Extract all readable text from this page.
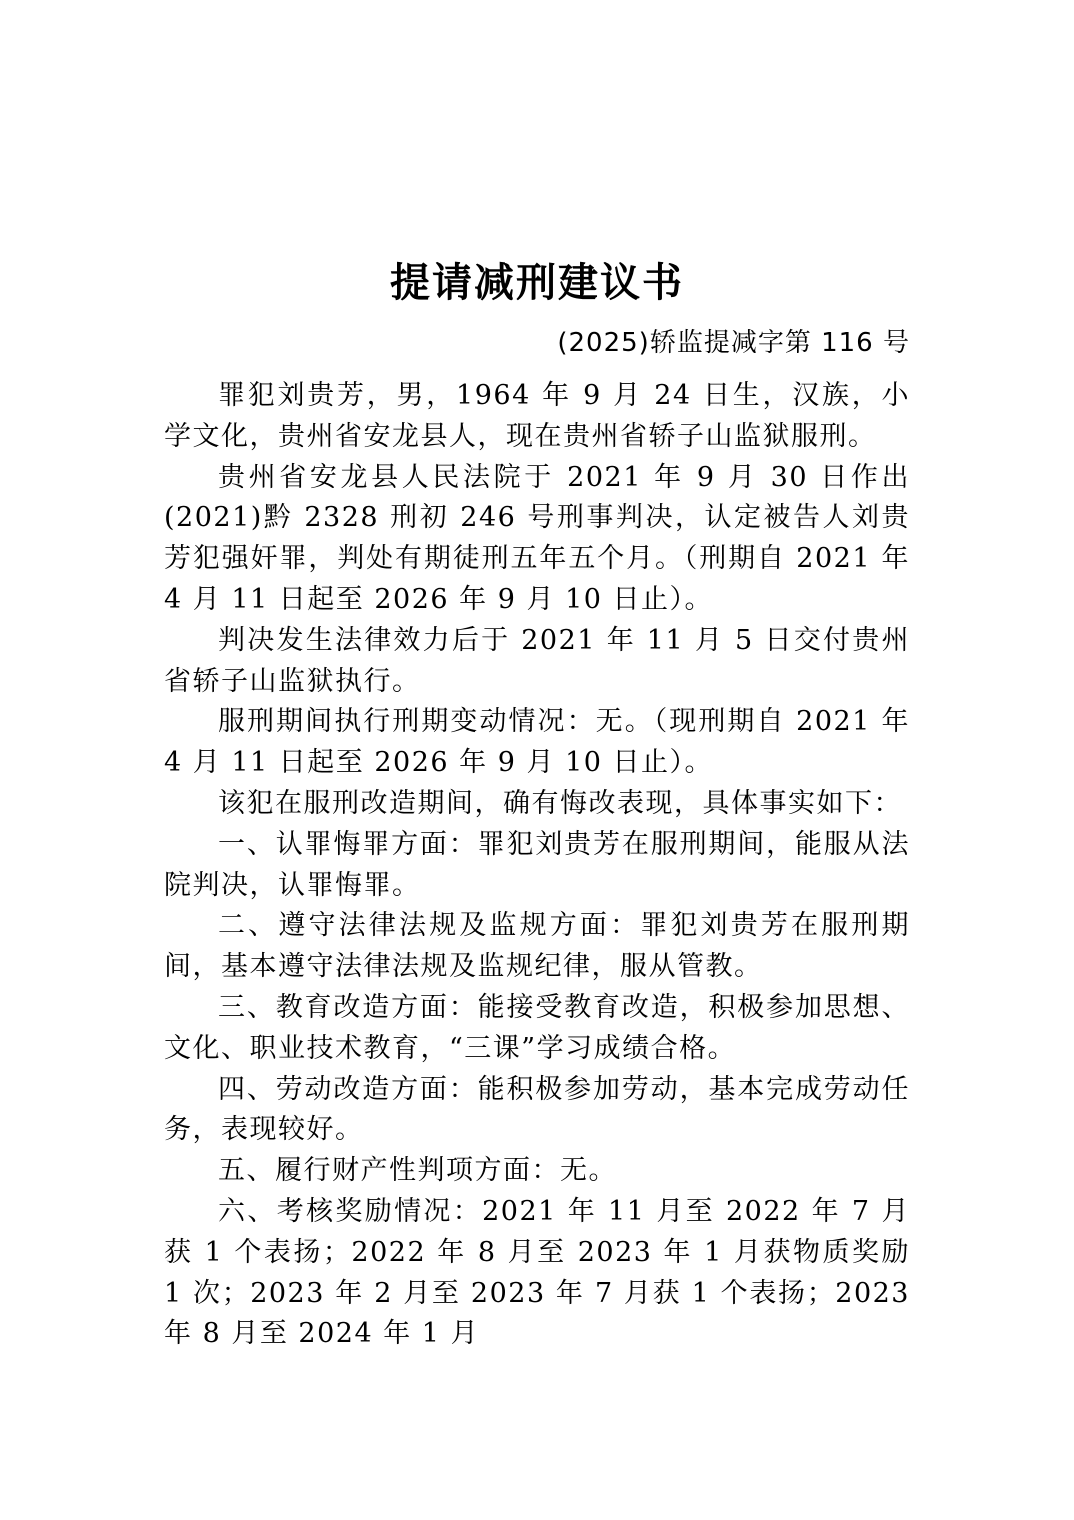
提请减刑建议书
(2025)轿监提减字第 116 号

罪犯刘贵芳，男，1964 年 9 月 24 日生，汉族，小学文化，贵州省安龙县人，现在贵州省轿子山监狱服刑。

贵州省安龙县人民法院于 2021 年 9 月 30 日作出(2021)黔 2328 刑初 246 号刑事判决，认定被告人刘贵芳犯强奸罪，判处有期徒刑五年五个月。（刑期自 2021 年 4 月 11 日起至 2026 年 9 月 10 日止）。

判决发生法律效力后于 2021 年 11 月 5 日交付贵州省轿子山监狱执行。

服刑期间执行刑期变动情况：无。（现刑期自 2021 年 4 月 11 日起至 2026 年 9 月 10 日止）。

该犯在服刑改造期间，确有悔改表现，具体事实如下：

一、认罪悔罪方面：罪犯刘贵芳在服刑期间，能服从法院判决，认罪悔罪。

二、遵守法律法规及监规方面：罪犯刘贵芳在服刑期间，基本遵守法律法规及监规纪律，服从管教。

三、教育改造方面：能接受教育改造，积极参加思想、文化、职业技术教育，“三课”学习成绩合格。

四、劳动改造方面：能积极参加劳动，基本完成劳动任务，表现较好。

五、履行财产性判项方面：无。

六、考核奖励情况：2021 年 11 月至 2022 年 7 月获 1 个表扬；2022 年 8 月至 2023 年 1 月获物质奖励 1 次；2023 年 2 月至 2023 年 7 月获 1 个表扬；2023 年 8 月至 2024 年 1 月
